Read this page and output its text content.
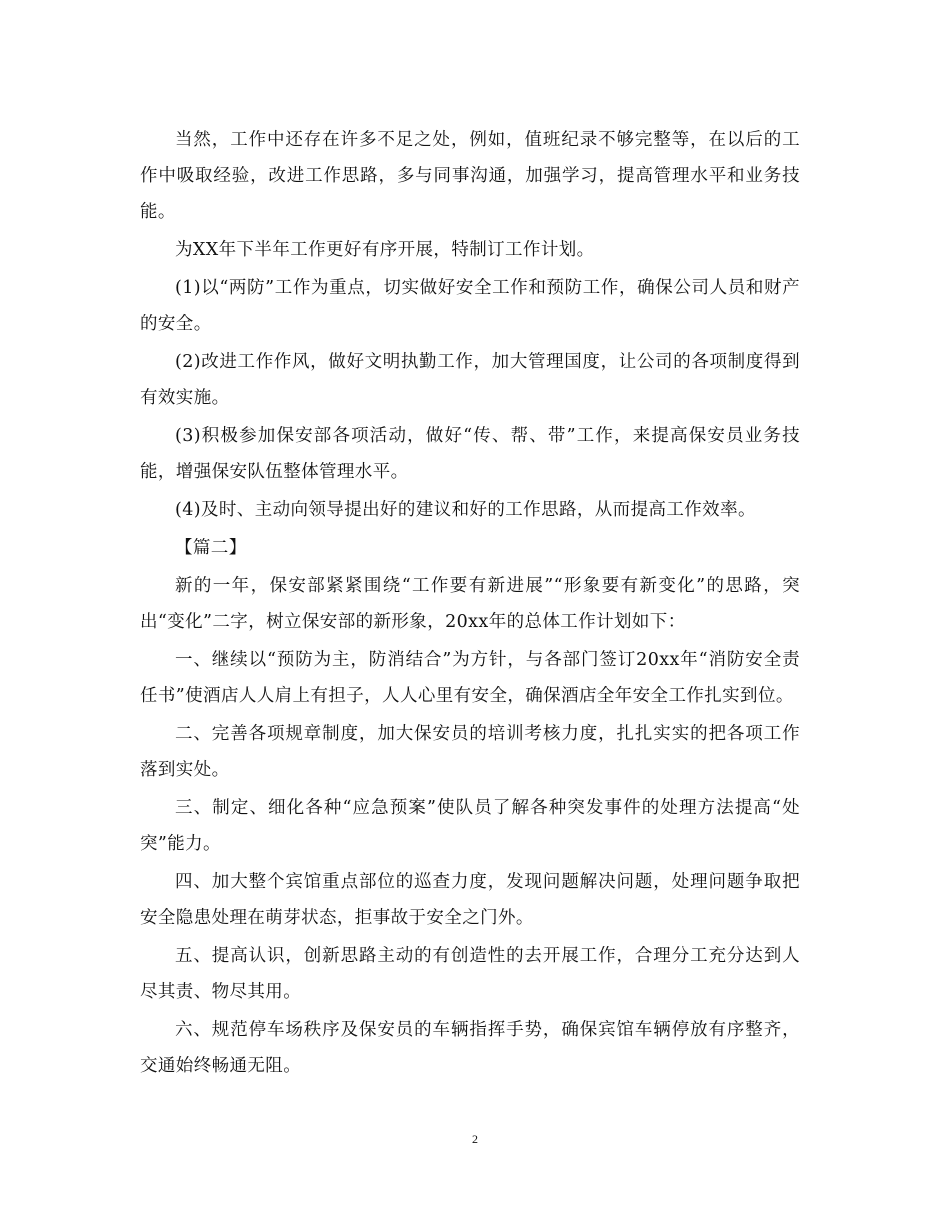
当然，工作中还存在许多不足之处，例如，值班纪录不够完整等，在以后的工作中吸取经验，改进工作思路，多与同事沟通，加强学习，提高管理水平和业务技能。

为XX年下半年工作更好有序开展，特制订工作计划。

(1)以“两防”工作为重点，切实做好安全工作和预防工作，确保公司人员和财产的安全。

(2)改进工作作风，做好文明执勤工作，加大管理国度，让公司的各项制度得到有效实施。

(3)积极参加保安部各项活动，做好“传、帮、带”工作，来提高保安员业务技能，增强保安队伍整体管理水平。

(4)及时、主动向领导提出好的建议和好的工作思路，从而提高工作效率。

【篇二】

新的一年，保安部紧紧围绕“工作要有新进展”“形象要有新变化”的思路，突出“变化”二字，树立保安部的新形象，20xx年的总体工作计划如下：

一、继续以“预防为主，防消结合”为方针，与各部门签订20xx年“消防安全责任书”使酒店人人肩上有担子，人人心里有安全，确保酒店全年安全工作扎实到位。

二、完善各项规章制度，加大保安员的培训考核力度，扎扎实实的把各项工作落到实处。

三、制定、细化各种“应急预案”使队员了解各种突发事件的处理方法提高“处突”能力。

四、加大整个宾馆重点部位的巡查力度，发现问题解决问题，处理问题争取把安全隐患处理在萌芽状态，拒事故于安全之门外。

五、提高认识，创新思路主动的有创造性的去开展工作，合理分工充分达到人尽其责、物尽其用。

六、规范停车场秩序及保安员的车辆指挥手势，确保宾馆车辆停放有序整齐，交通始终畅通无阻。

2
